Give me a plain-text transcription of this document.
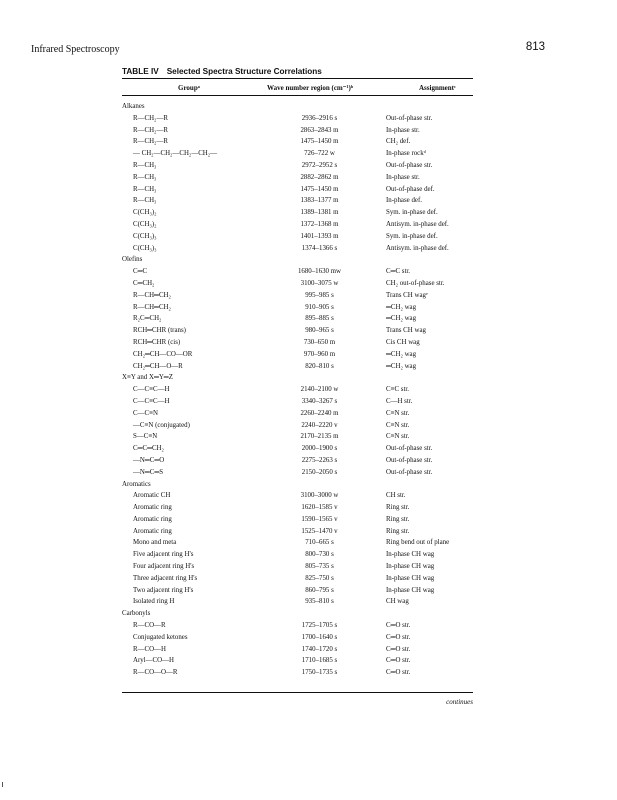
Infrared Spectroscopy	813
TABLE IV Selected Spectra Structure Correlations
Groupᵃ	Wave number region (cm⁻¹)ᵇ	Assignmentᶜ
Alkanes
R—CH₂—R	2936–2916 s	Out-of-phase str.
R—CH₂—R	2863–2843 m	In-phase str.
R—CH₂—R	1475–1450 m	CH₂ def.
— CH₂—CH₂—CH₂—CH₂—	726–722 w	In-phase rockᵈ
R—CH₃	2972–2952 s	Out-of-phase str.
R—CH₃	2882–2862 m	In-phase str.
R—CH₃	1475–1450 m	Out-of-phase def.
R—CH₃	1383–1377 m	In-phase def.
C(CH₃)₂	1389–1381 m	Sym. in-phase def.
C(CH₃)₂	1372–1368 m	Antisym. in-phase def.
C(CH₃)₃	1401–1393 m	Sym. in-phase def.
C(CH₃)₃	1374–1366 s	Antisym. in-phase def.
Olefins
C═C	1680–1630 mw	C═C str.
C═CH₂	3100–3075 w	CH₂ out-of-phase str.
R—CH═CH₂	995–985 s	Trans CH wagᵉ
R—CH═CH₂	910–905 s	═CH₂ wag
R₂C═CH₂	895–885 s	═CH₂ wag
RCH═CHR (trans)	980–965 s	Trans CH wag
RCH═CHR (cis)	730–650 m	Cis CH wag
CH₂═CH—CO—OR	970–960 m	═CH₂ wag
CH₂═CH—O—R	820–810 s	═CH₂ wag
X≡Y and X═Y═Z
C—C≡C—H	2140–2100 w	C≡C str.
C—C≡C—H	3340–3267 s	C—H str.
C—C≡N	2260–2240 m	C≡N str.
—C≡N (conjugated)	2240–2220 v	C≡N str.
S—C≡N	2170–2135 m	C≡N str.
C═C═CH₂	2000–1900 s	Out-of-phase str.
—N═C═O	2275–2263 s	Out-of-phase str.
—N═C═S	2150–2050 s	Out-of-phase str.
Aromatics
Aromatic CH	3100–3000 w	CH str.
Aromatic ring	1620–1585 v	Ring str.
Aromatic ring	1590–1565 v	Ring str.
Aromatic ring	1525–1470 v	Ring str.
Mono and meta	710–665 s	Ring bend out of plane
Five adjacent ring H's	800–730 s	In-phase CH wag
Four adjacent ring H's	805–735 s	In-phase CH wag
Three adjacent ring H's	825–750 s	In-phase CH wag
Two adjacent ring H's	860–795 s	In-phase CH wag
Isolated ring H	935–810 s	CH wag
Carbonyls
R—CO—R	1725–1705 s	C═O str.
Conjugated ketones	1700–1640 s	C═O str.
R—CO—H	1740–1720 s	C═O str.
Aryl—CO—H	1710–1685 s	C═O str.
R—CO—O—R	1750–1735 s	C═O str.
continues
